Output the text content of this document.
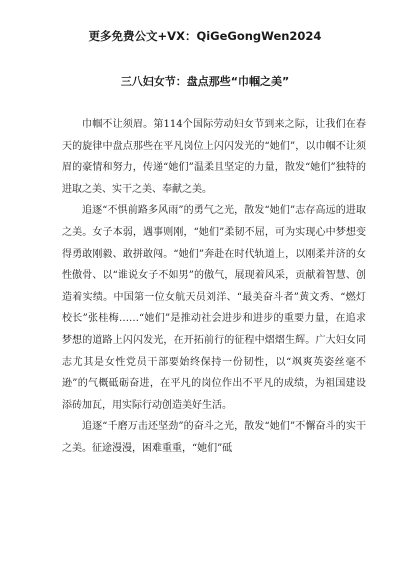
更多免费公文+VX：QiGeGongWen2024
三八妇女节：盘点那些“巾帼之美”

巾帼不让须眉。第114个国际劳动妇女节到来之际，让我们在春天的旋律中盘点那些在平凡岗位上闪闪发光的“她们”，以巾帼不让须眉的豪情和努力，传递“她们”温柔且坚定的力量，散发“她们”独特的进取之美、实干之美、奉献之美。

追逐“不惧前路多风雨”的勇气之光，散发“她们”志存高远的进取之美。女子本弱，遇事则刚，“她们”柔韧不屈，可为实现心中梦想变得勇敢刚毅、敢拼敢闯。“她们”奔赴在时代轨道上，以刚柔并济的女性傲骨、以“谁说女子不如男”的傲气，展现着风采，贡献着智慧、创造着实绩。中国第一位女航天员刘洋、“最美奋斗者”黄文秀、“燃灯校长”张桂梅……“她们”是推动社会进步和进步的重要力量，在追求梦想的道路上闪闪发光，在开拓前行的征程中熠熠生辉。广大妇女同志尤其是女性党员干部要始终保持一份韧性，以“飒爽英姿丝毫不逊”的气概砥砺奋进，在平凡的岗位作出不平凡的成绩，为祖国建设添砖加瓦，用实际行动创造美好生活。

追逐“千磨万击还坚劲”的奋斗之光，散发“她们”不懈奋斗的实干之美。征途漫漫，困难重重，“她们”砥
